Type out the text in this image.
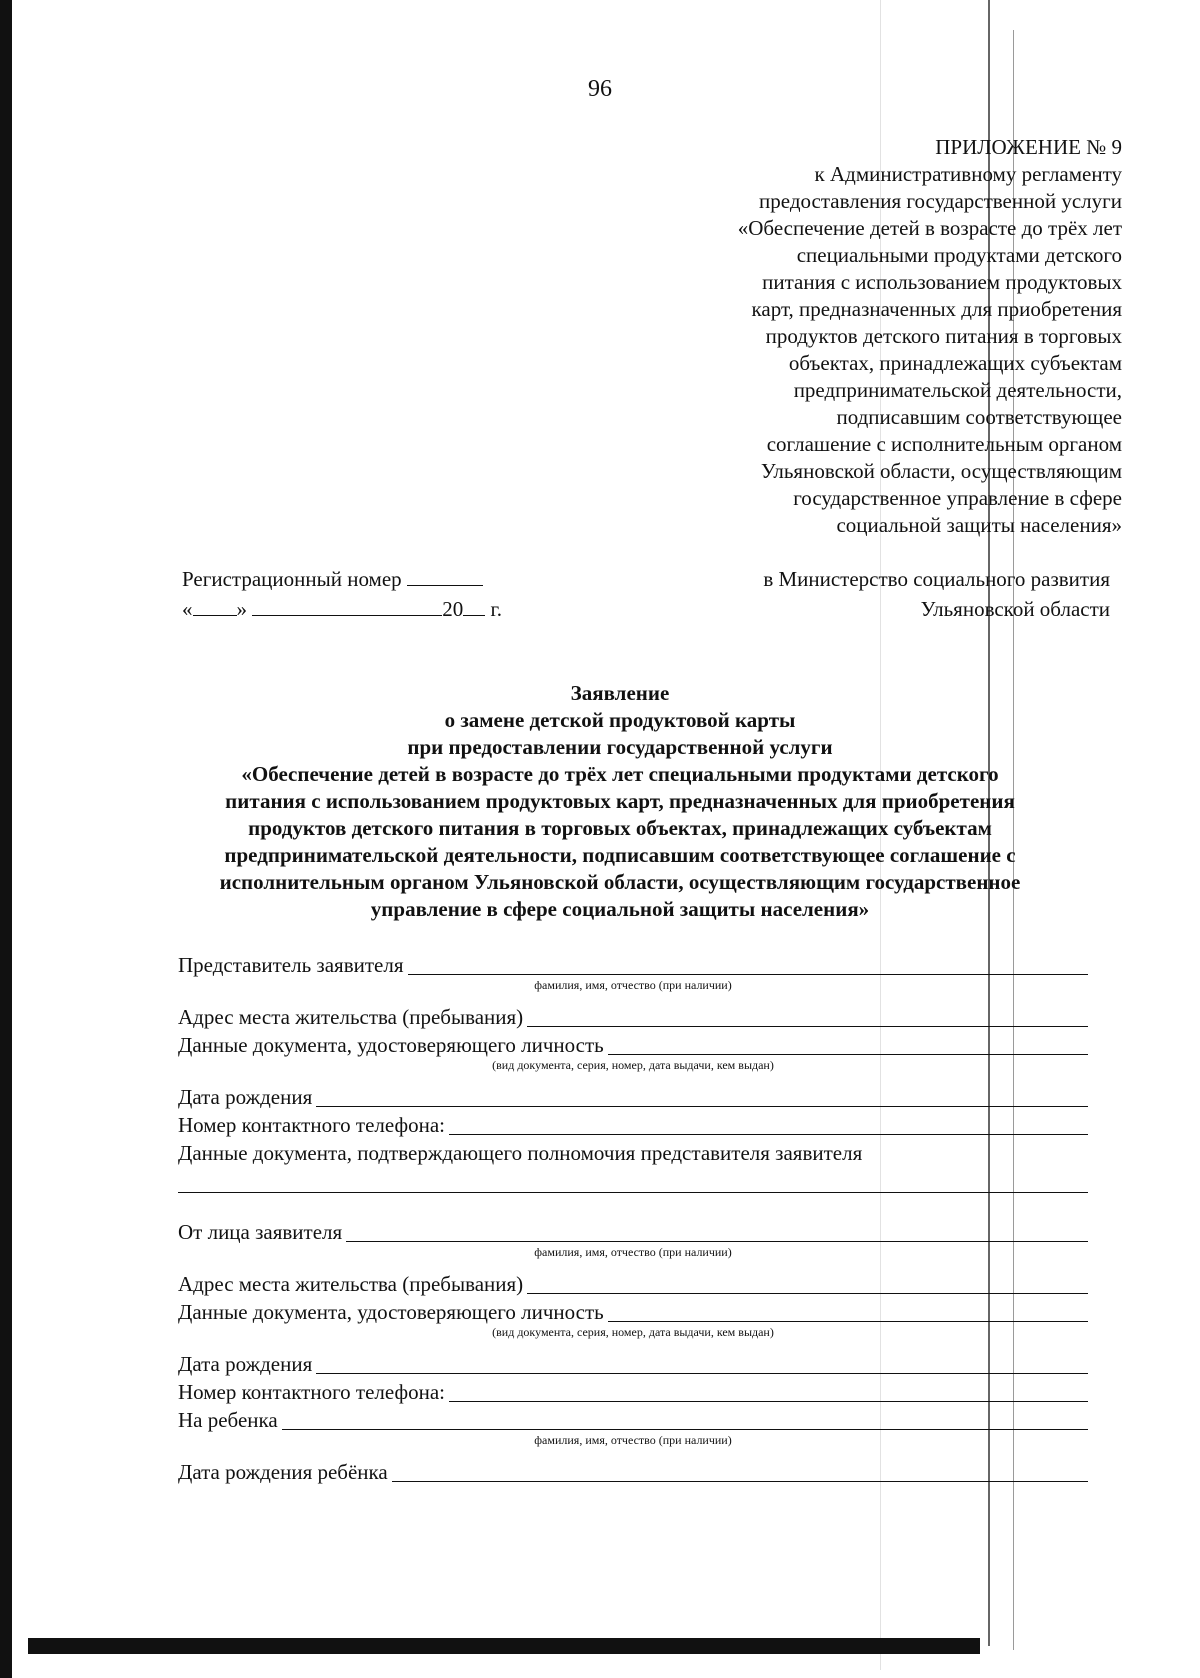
96
ПРИЛОЖЕНИЕ № 9
к Административному регламенту
предоставления государственной услуги
«Обеспечение детей в возрасте до трёх лет
специальными продуктами детского
питания с использованием продуктовых
карт, предназначенных для приобретения
продуктов детского питания в торговых
объектах, принадлежащих субъектам
предпринимательской деятельности,
подписавшим соответствующее
соглашение с исполнительным органом
Ульяновской области, осуществляющим
государственное управление в сфере
социальной защиты населения»
Регистрационный номер
« »	20 г.
в Министерство социального развития
Ульяновской области
Заявление
о замене детской продуктовой карты
при предоставлении государственной услуги
«Обеспечение детей в возрасте до трёх лет специальными продуктами детского
питания с использованием продуктовых карт, предназначенных для приобретения
продуктов детского питания в торговых объектах, принадлежащих субъектам
предпринимательской деятельности, подписавшим соответствующее соглашение с
исполнительным органом Ульяновской области, осуществляющим государственное
управление в сфере социальной защиты населения»
Представитель заявителя
фамилия, имя, отчество (при наличии)
Адрес места жительства (пребывания)
Данные документа, удостоверяющего личность
(вид документа, серия, номер, дата выдачи, кем выдан)
Дата рождения
Номер контактного телефона:
Данные документа, подтверждающего полномочия представителя заявителя
От лица заявителя
фамилия, имя, отчество (при наличии)
Адрес места жительства (пребывания)
Данные документа, удостоверяющего личность
(вид документа, серия, номер, дата выдачи, кем выдан)
Дата рождения
Номер контактного телефона:
На ребенка
фамилия, имя, отчество (при наличии)
Дата рождения ребёнка
